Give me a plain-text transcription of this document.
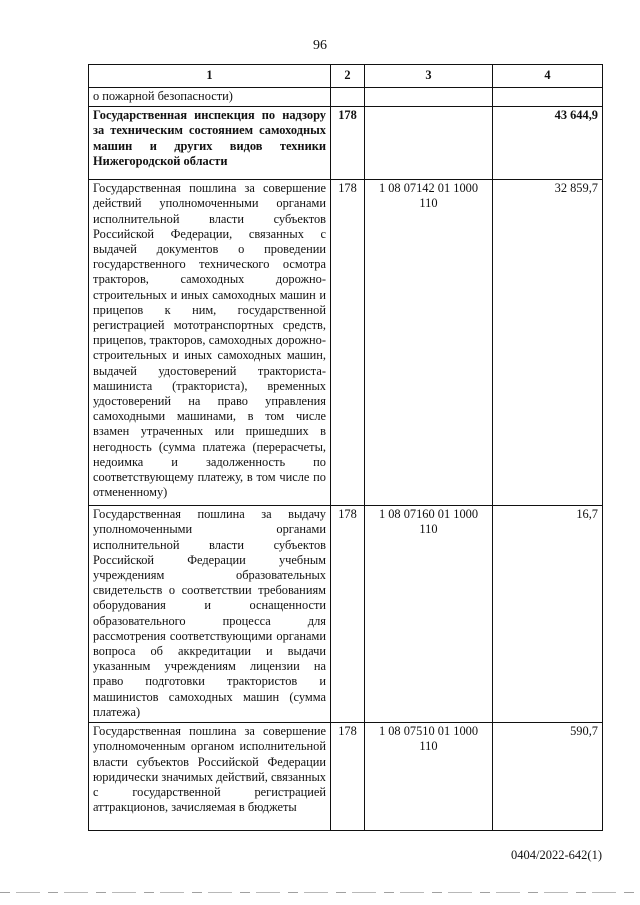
96
1	2	3	4
о пожарной безопасности)			
Государственная инспекция по надзору за техническим состоянием самоходных машин и других видов техники Нижегородской области	178		43 644,9
Государственная пошлина за совершение действий уполномоченными органами исполнительной власти субъектов Российской Федерации, связанных с выдачей документов о проведении государственного технического осмотра тракторов, самоходных дорожно-строительных и иных самоходных машин и прицепов к ним, государственной регистрацией мототранспортных средств, прицепов, тракторов, самоходных дорожно-строительных и иных самоходных машин, выдачей удостоверений тракториста-машиниста (тракториста), временных удостоверений на право управления самоходными машинами, в том числе взамен утраченных или пришедших в негодность (сумма платежа (перерасчеты, недоимка и задолженность по соответствующему платежу, в том числе по отмененному)	178	1 08 07142 01 1000 110	32 859,7
Государственная пошлина за выдачу уполномоченными органами исполнительной власти субъектов Российской Федерации учебным учреждениям образовательных свидетельств о соответствии требованиям оборудования и оснащенности образовательного процесса для рассмотрения соответствующими органами вопроса об аккредитации и выдачи указанным учреждениям лицензии на право подготовки трактористов и машинистов самоходных машин (сумма платежа)	178	1 08 07160 01 1000 110	16,7
Государственная пошлина за совершение уполномоченным органом исполнительной власти субъектов Российской Федерации юридически значимых действий, связанных с государственной регистрацией аттракционов, зачисляемая в бюджеты	178	1 08 07510 01 1000 110	590,7
0404/2022-642(1)
